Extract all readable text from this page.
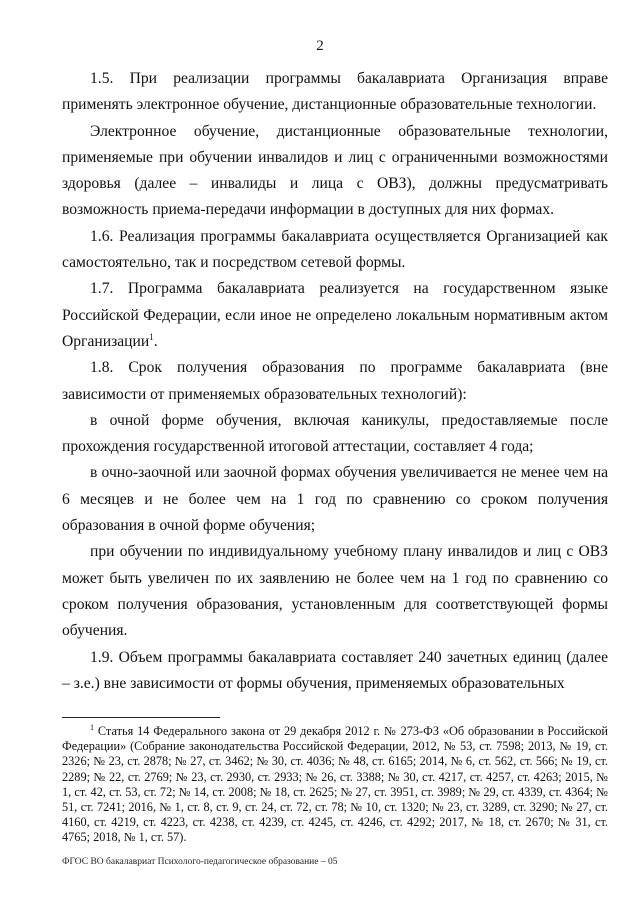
2

1.5. При реализации программы бакалавриата Организация вправе применять электронное обучение, дистанционные образовательные технологии.

Электронное обучение, дистанционные образовательные технологии, применяемые при обучении инвалидов и лиц с ограниченными возможностями здоровья (далее – инвалиды и лица с ОВЗ), должны предусматривать возможность приема-передачи информации в доступных для них формах.

1.6. Реализация программы бакалавриата осуществляется Организацией как самостоятельно, так и посредством сетевой формы.

1.7. Программа бакалавриата реализуется на государственном языке Российской Федерации, если иное не определено локальным нормативным актом Организации$^1$.

1.8. Срок получения образования по программе бакалавриата (вне зависимости от применяемых образовательных технологий):

в очной форме обучения, включая каникулы, предоставляемые после прохождения государственной итоговой аттестации, составляет 4 года;

в очно-заочной или заочной формах обучения увеличивается не менее чем на 6 месяцев и не более чем на 1 год по сравнению со сроком получения образования в очной форме обучения;

при обучении по индивидуальному учебному плану инвалидов и лиц с ОВЗ может быть увеличен по их заявлению не более чем на 1 год по сравнению со сроком получения образования, установленным для соответствующей формы обучения.

1.9. Объем программы бакалавриата составляет 240 зачетных единиц (далее – з.е.) вне зависимости от формы обучения, применяемых образовательных

$^1$ Статья 14 Федерального закона от 29 декабря 2012 г. № 273-ФЗ «Об образовании в Российской Федерации» (Собрание законодательства Российской Федерации, 2012, № 53, ст. 7598; 2013, № 19, ст. 2326; № 23, ст. 2878; № 27, ст. 3462; № 30, ст. 4036; № 48, ст. 6165; 2014, № 6, ст. 562, ст. 566; № 19, ст. 2289; № 22, ст. 2769; № 23, ст. 2930, ст. 2933; № 26, ст. 3388; № 30, ст. 4217, ст. 4257, ст. 4263; 2015, № 1, ст. 42, ст. 53, ст. 72; № 14, ст. 2008; № 18, ст. 2625; № 27, ст. 3951, ст. 3989; № 29, ст. 4339, ст. 4364; № 51, ст. 7241; 2016, № 1, ст. 8, ст. 9, ст. 24, ст. 72, ст. 78; № 10, ст. 1320; № 23, ст. 3289, ст. 3290; № 27, ст. 4160, ст. 4219, ст. 4223, ст. 4238, ст. 4239, ст. 4245, ст. 4246, ст. 4292; 2017, № 18, ст. 2670; № 31, ст. 4765; 2018, № 1, ст. 57).
ФГОС ВО бакалавриат Психолого-педагогическое образование – 05
